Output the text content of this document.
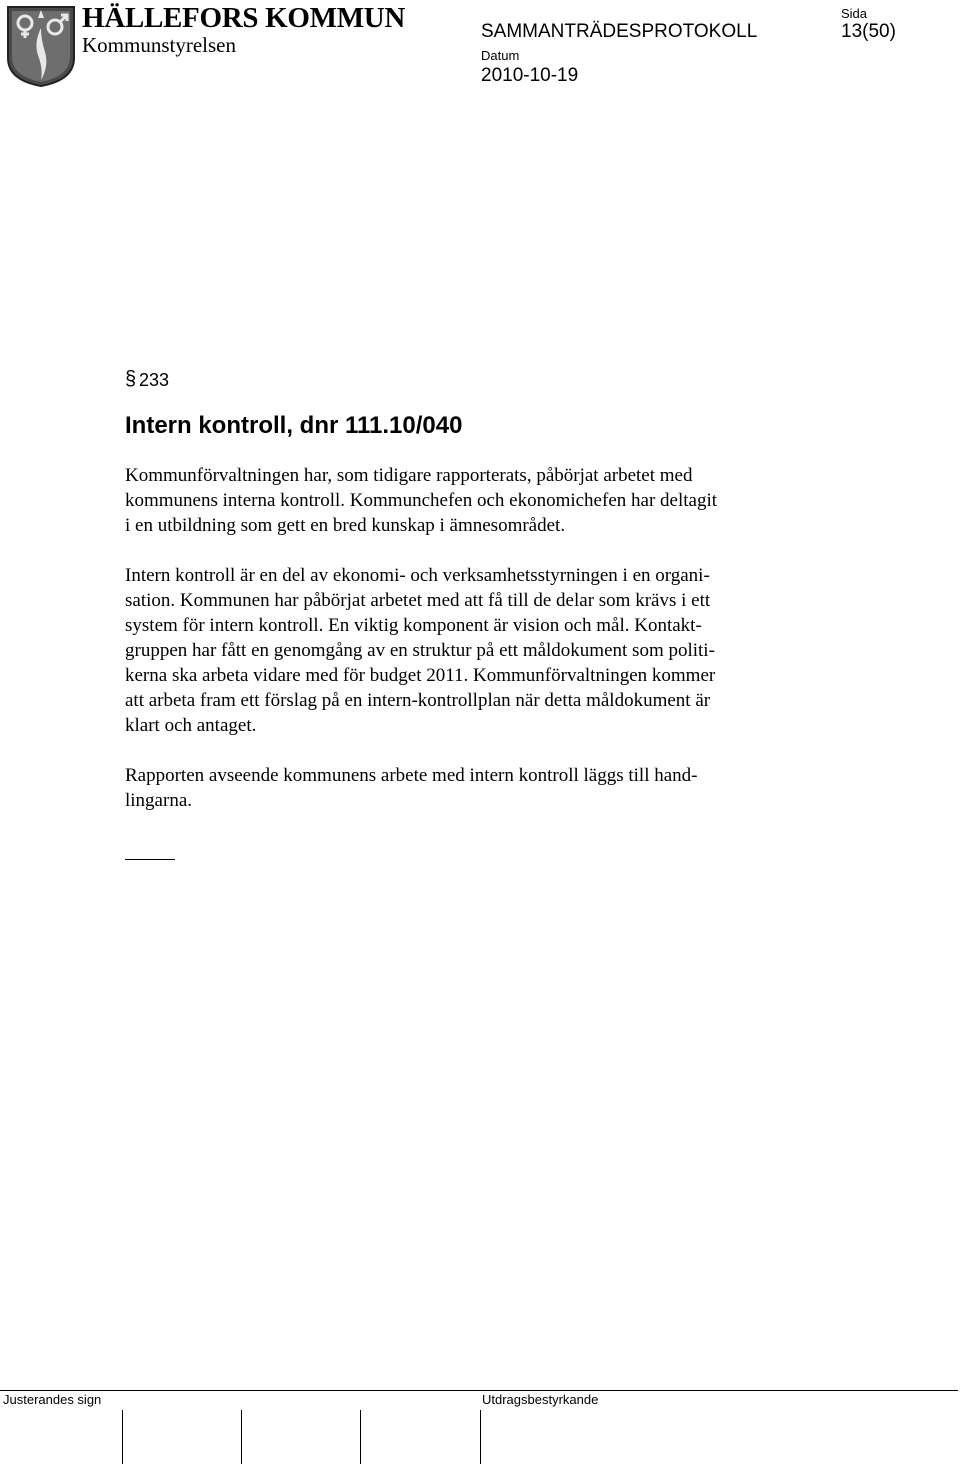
HÄLLEFORS KOMMUN
Kommunstyrelsen
SAMMANTRÄDESPROTOKOLL
Sida
13(50)
Datum
2010-10-19
§ 233
Intern kontroll, dnr 111.10/040

Kommunförvaltningen har, som tidigare rapporterats, påbörjat arbetet med
kommunens interna kontroll. Kommunchefen och ekonomichefen har deltagit
i en utbildning som gett en bred kunskap i ämnesområdet.

Intern kontroll är en del av ekonomi- och verksamhetsstyrningen i en organi-
sation. Kommunen har påbörjat arbetet med att få till de delar som krävs i ett
system för intern kontroll. En viktig komponent är vision och mål. Kontakt-
gruppen har fått en genomgång av en struktur på ett måldokument som politi-
kerna ska arbeta vidare med för budget 2011. Kommunförvaltningen kommer
att arbeta fram ett förslag på en intern-kontrollplan när detta måldokument är
klart och antaget.

Rapporten avseende kommunens arbete med intern kontroll läggs till hand-
lingarna.

Justerandes sign	Utdragsbestyrkande
